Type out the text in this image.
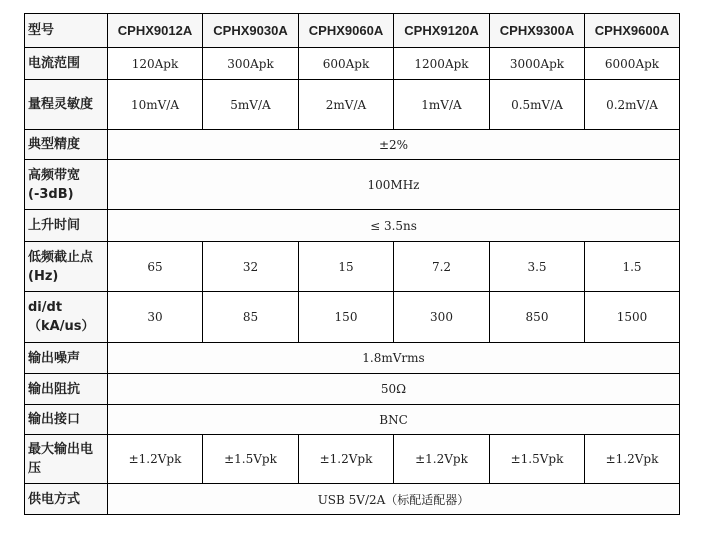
型号	CPHX9012A	CPHX9030A	CPHX9060A	CPHX9120A	CPHX9300A	CPHX9600A
电流范围	120Apk	300Apk	600Apk	1200Apk	3000Apk	6000Apk
量程灵敏度	10mV/A	5mV/A	2mV/A	1mV/A	0.5mV/A	0.2mV/A
典型精度	±2%					
高频带宽(-3dB)	100MHz					
上升时间	≤ 3.5ns					
低频截止点(Hz)	65	32	15	7.2	3.5	1.5
di/dt （kA/us）	30	85	150	300	850	1500
输出噪声	1.8mVrms					
输出阻抗	50Ω					
输出接口	BNC					
最大输出电压	±1.2Vpk	±1.5Vpk	±1.2Vpk	±1.2Vpk	±1.5Vpk	±1.2Vpk
供电方式	USB 5V/2A（标配适配器）					
